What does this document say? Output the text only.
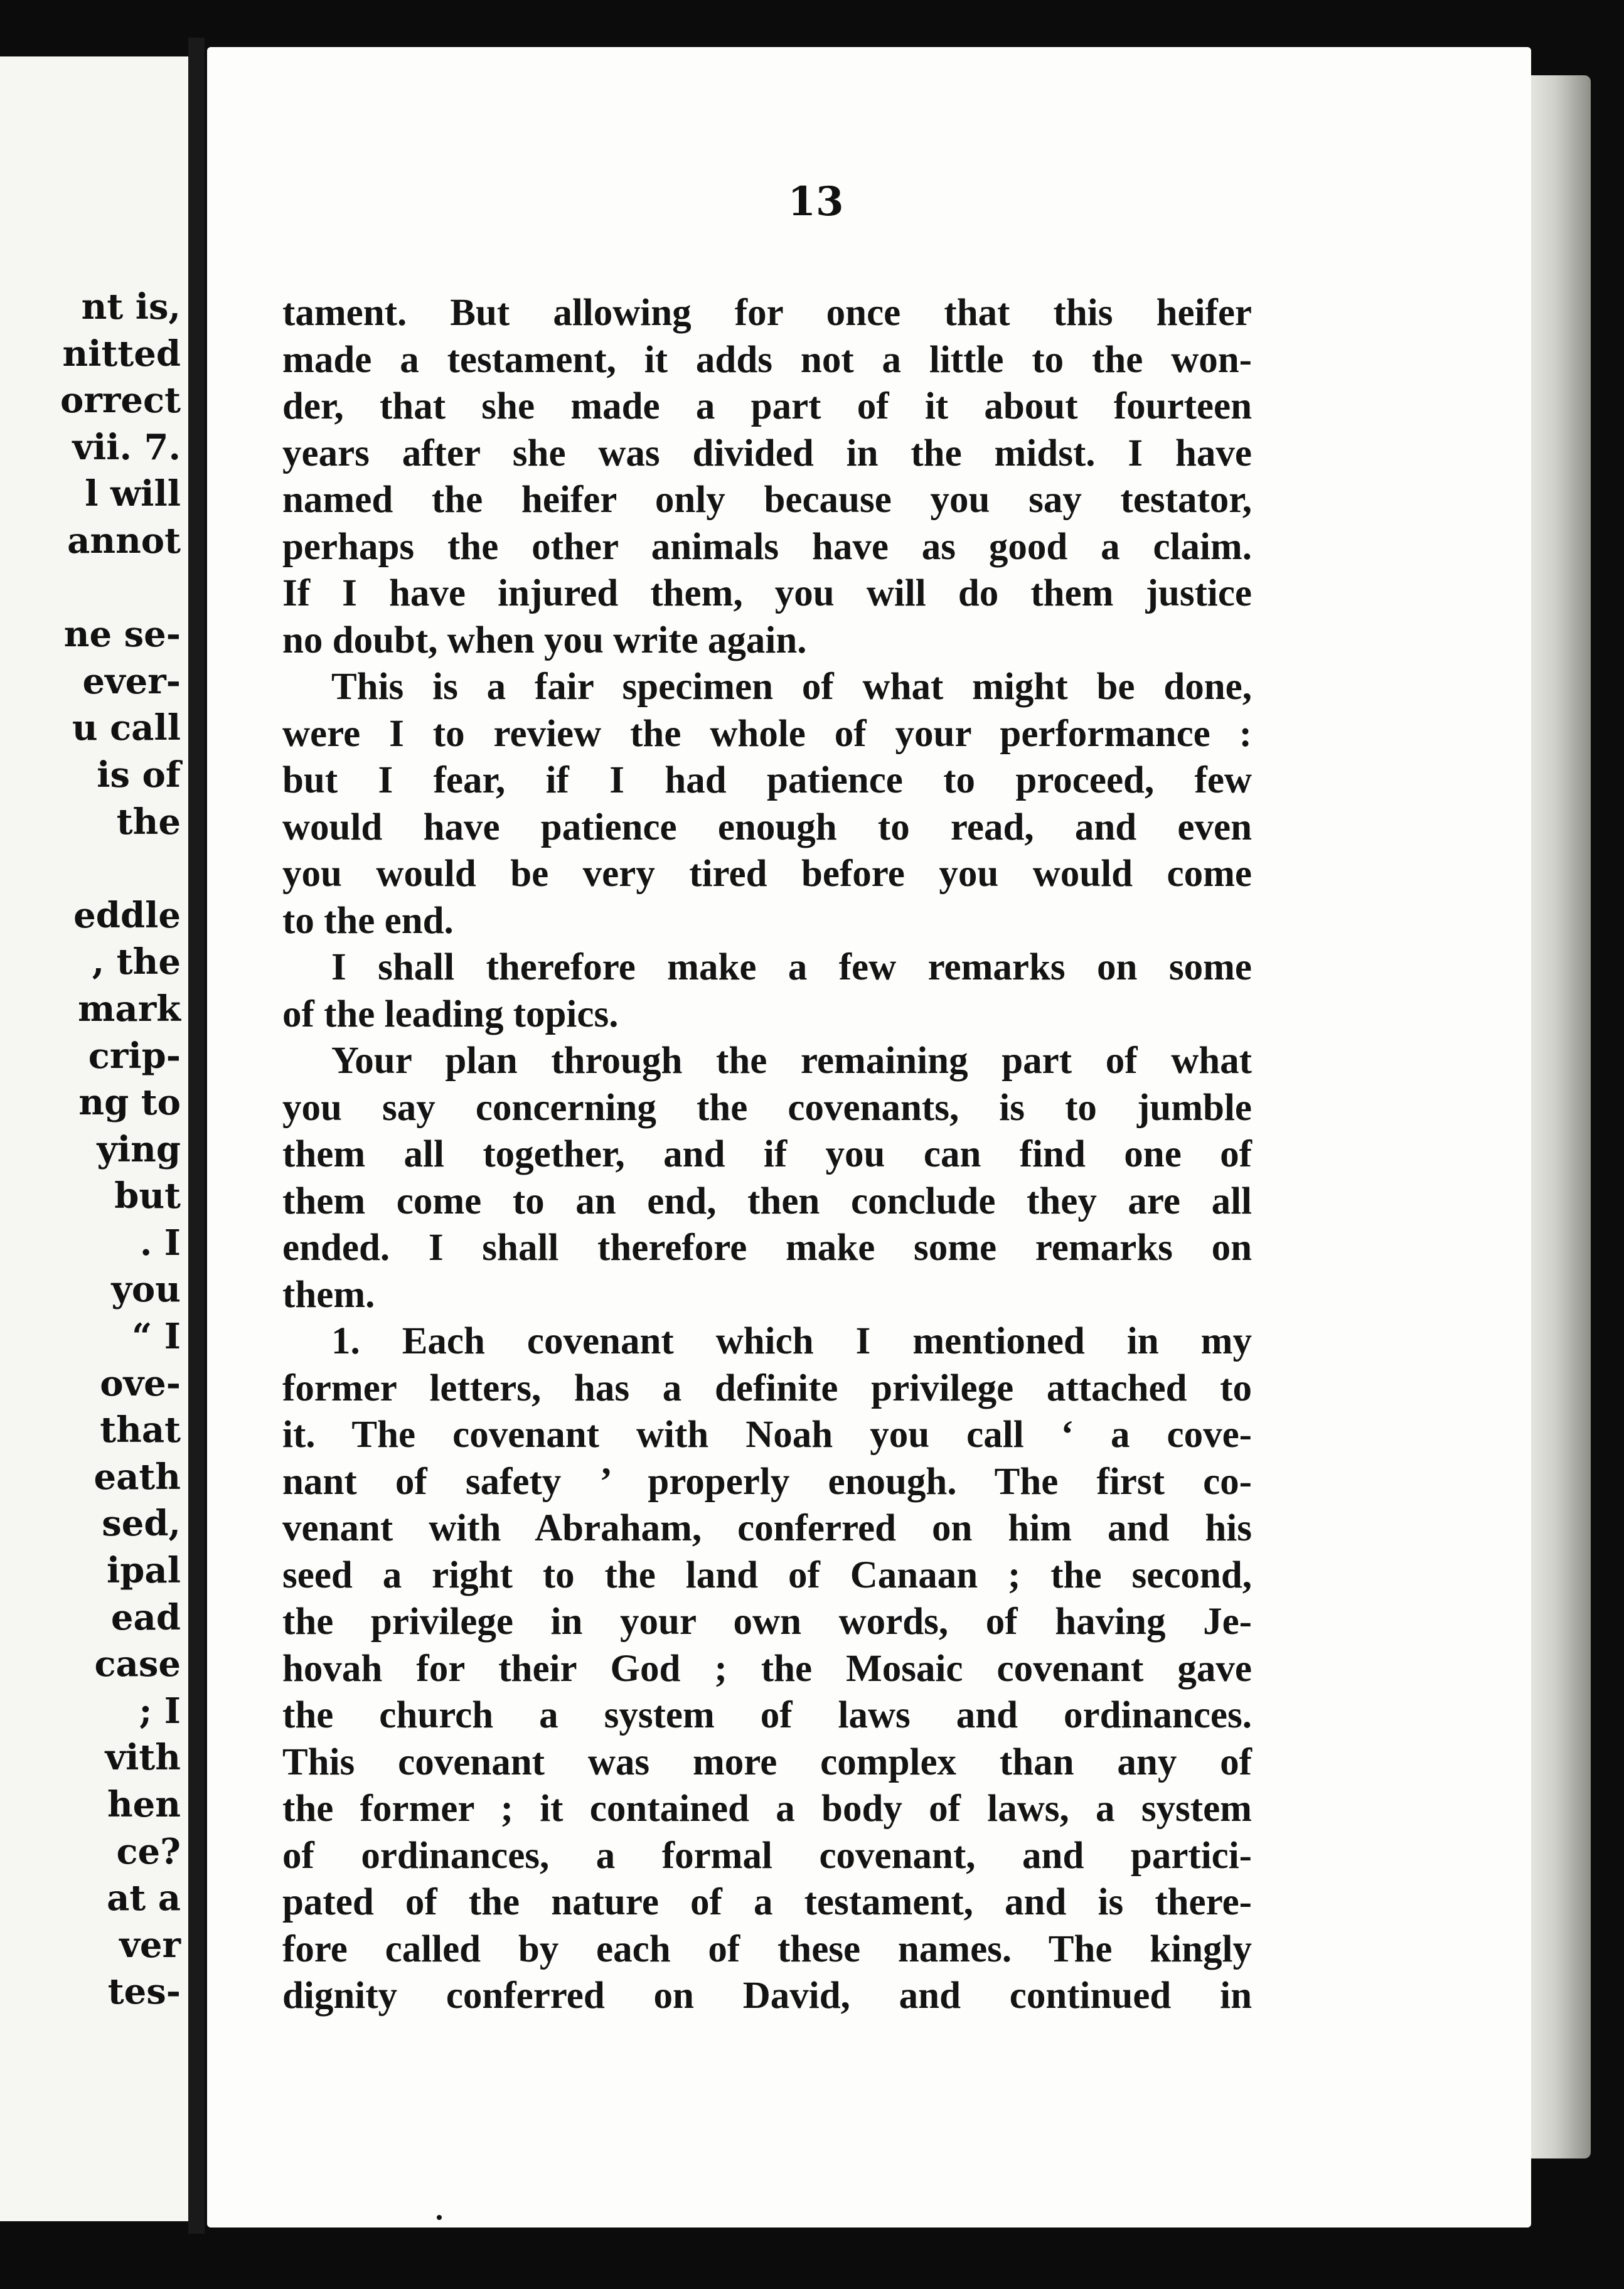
nt is,
nitted
orrect
vii. 7.
l will
annot
ne se-
ever-
u call
is of
the
eddle
, the
mark
crip-
ng to
ying
but
. I
you
“ I
ove-
that
eath
sed,
ipal
ead
case
; I
vith
hen
ce?
at a
ver
tes-
13
tament. But allowing for once that this heifer
made a testament, it adds not a little to the won-
der, that she made a part of it about fourteen
years after she was divided in the midst. I have
named the heifer only because you say testator,
perhaps the other animals have as good a claim.
If I have injured them, you will do them justice
no doubt, when you write again.
This is a fair specimen of what might be done,
were I to review the whole of your performance :
but I fear, if I had patience to proceed, few
would have patience enough to read, and even
you would be very tired before you would come
to the end.
I shall therefore make a few remarks on some
of the leading topics.
Your plan through the remaining part of what
you say concerning the covenants, is to jumble
them all together, and if you can find one of
them come to an end, then conclude they are all
ended. I shall therefore make some remarks on
them.
1. Each covenant which I mentioned in my
former letters, has a definite privilege attached to
it. The covenant with Noah you call ‘ a cove-
nant of safety ’ properly enough. The first co-
venant with Abraham, conferred on him and his
seed a right to the land of Canaan ; the second,
the privilege in your own words, of having Je-
hovah for their God ; the Mosaic covenant gave
the church a system of laws and ordinances.
This covenant was more complex than any of
the former ; it contained a body of laws, a system
of ordinances, a formal covenant, and partici-
pated of the nature of a testament, and is there-
fore called by each of these names. The kingly
dignity conferred on David, and continued in
